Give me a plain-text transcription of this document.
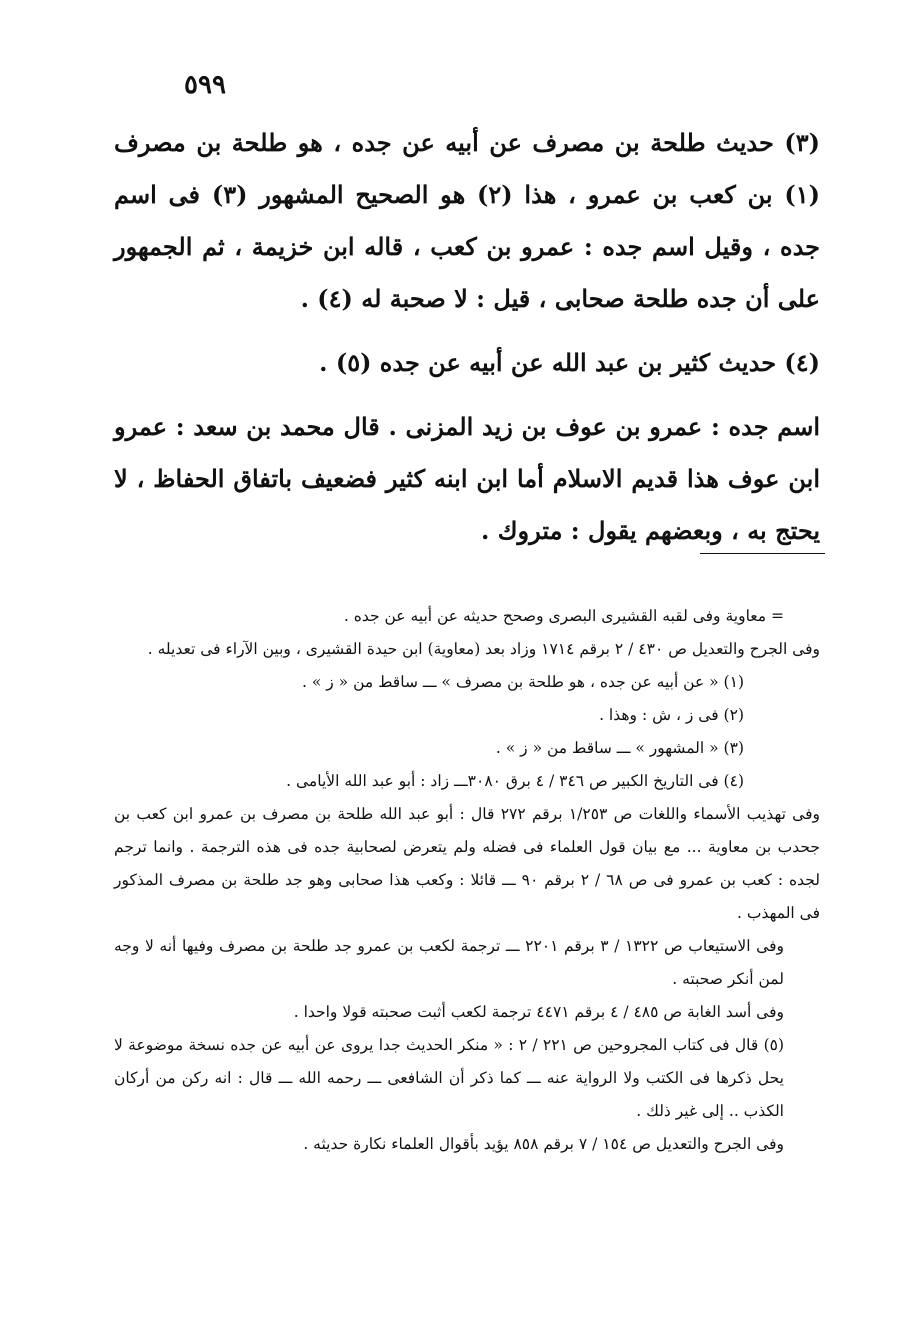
٥٩٩

(٣) حديث طلحة بن مصرف عن أبيه عن جده ، هو طلحة بن مصرف (١) بن كعب بن عمرو ، هذا (٢) هو الصحيح المشهور (٣) فى اسم جده ، وقيل اسم جده : عمرو بن كعب ، قاله ابن خزيمة ، ثم الجمهور على أن جده طلحة صحابى ، قيل : لا صحبة له (٤) .

(٤) حديث كثير بن عبد الله عن أبيه عن جده (٥) .

اسم جده : عمرو بن عوف بن زيد المزنى . قال محمد بن سعد : عمرو ابن عوف هذا قديم الاسلام أما ابن ابنه كثير فضعيف باتفاق الحفاظ ، لا يحتج به ، وبعضهم يقول : متروك .

= معاوية وفى لقبه القشيرى البصرى وصحح حديثه عن أبيه عن جده .

وفى الجرح والتعديل ص ٤٣٠ / ٢ برقم ١٧١٤ وزاد بعد (معاوية) ابن حيدة القشيرى ، وبين الآراء فى تعديله .

(١) « عن أبيه عن جده ، هو طلحة بن مصرف » ـــ ساقط من « ز » .

(٢) فى ز ، ش : وهذا .

(٣) « المشهور » ـــ ساقط من « ز » .

(٤) فى التاريخ الكبير ص ٣٤٦ / ٤ برق ٣٠٨٠ـــ زاد : أبو عبد الله الأيامى .

وفى تهذيب الأسماء واللغات ص ١/٢٥٣ برقم ٢٧٢ قال : أبو عبد الله طلحة بن مصرف بن عمرو ابن كعب بن جحدب بن معاوية ... مع بيان قول العلماء فى فضله ولم يتعرض لصحابية جده فى هذه الترجمة . وانما ترجم لجده : كعب بن عمرو فى ص ٦٨ / ٢ برقم ٩٠ ـــ قائلا : وكعب هذا صحابى وهو جد طلحة بن مصرف المذكور فى المهذب .

وفى الاستيعاب ص ١٣٢٢ / ٣ برقم ٢٢٠١ ـــ ترجمة لكعب بن عمرو جد طلحة بن مصرف وفيها أنه لا وجه لمن أنكر صحبته .

وفى أسد الغابة ص ٤٨٥ / ٤ برقم ٤٤٧١ ترجمة لكعب أثبت صحبته قولا واحدا .

(٥) قال فى كتاب المجروحين ص ٢٢١ / ٢ : « منكر الحديث جدا يروى عن أبيه عن جده نسخة موضوعة لا يحل ذكرها فى الكتب ولا الرواية عنه ـــ كما ذكر أن الشافعى ـــ رحمه الله ـــ قال : انه ركن من أركان الكذب .. إلى غير ذلك .

وفى الجرح والتعديل ص ١٥٤ / ٧ برقم ٨٥٨ يؤيد بأقوال العلماء نكارة حديثه .
